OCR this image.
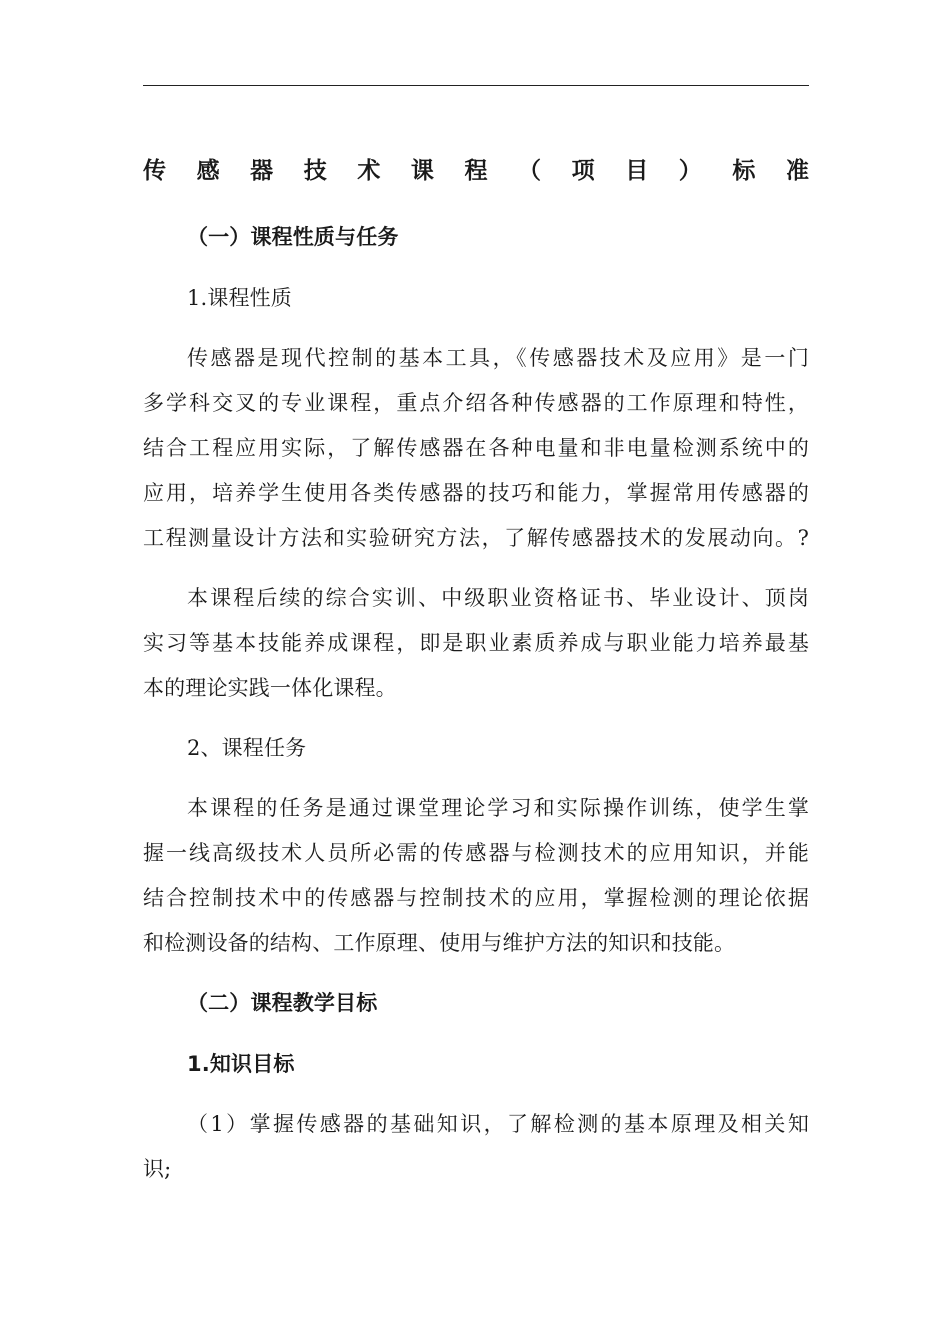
传 感 器 技 术 课 程 （ 项 目 ） 标 准
（一）课程性质与任务
1.课程性质
传感器是现代控制的基本工具，《传感器技术及应用》是一门
多学科交叉的专业课程，重点介绍各种传感器的工作原理和特性，
结合工程应用实际，了解传感器在各种电量和非电量检测系统中的
应用，培养学生使用各类传感器的技巧和能力，掌握常用传感器的
工程测量设计方法和实验研究方法，了解传感器技术的发展动向。?
本课程后续的综合实训、中级职业资格证书、毕业设计、顶岗
实习等基本技能养成课程，即是职业素质养成与职业能力培养最基
本的理论实践一体化课程。
2、课程任务
本课程的任务是通过课堂理论学习和实际操作训练，使学生掌
握一线高级技术人员所必需的传感器与检测技术的应用知识，并能
结合控制技术中的传感器与控制技术的应用，掌握检测的理论依据
和检测设备的结构、工作原理、使用与维护方法的知识和技能。
（二）课程教学目标
1.知识目标
（1）掌握传感器的基础知识，了解检测的基本原理及相关知
识;
